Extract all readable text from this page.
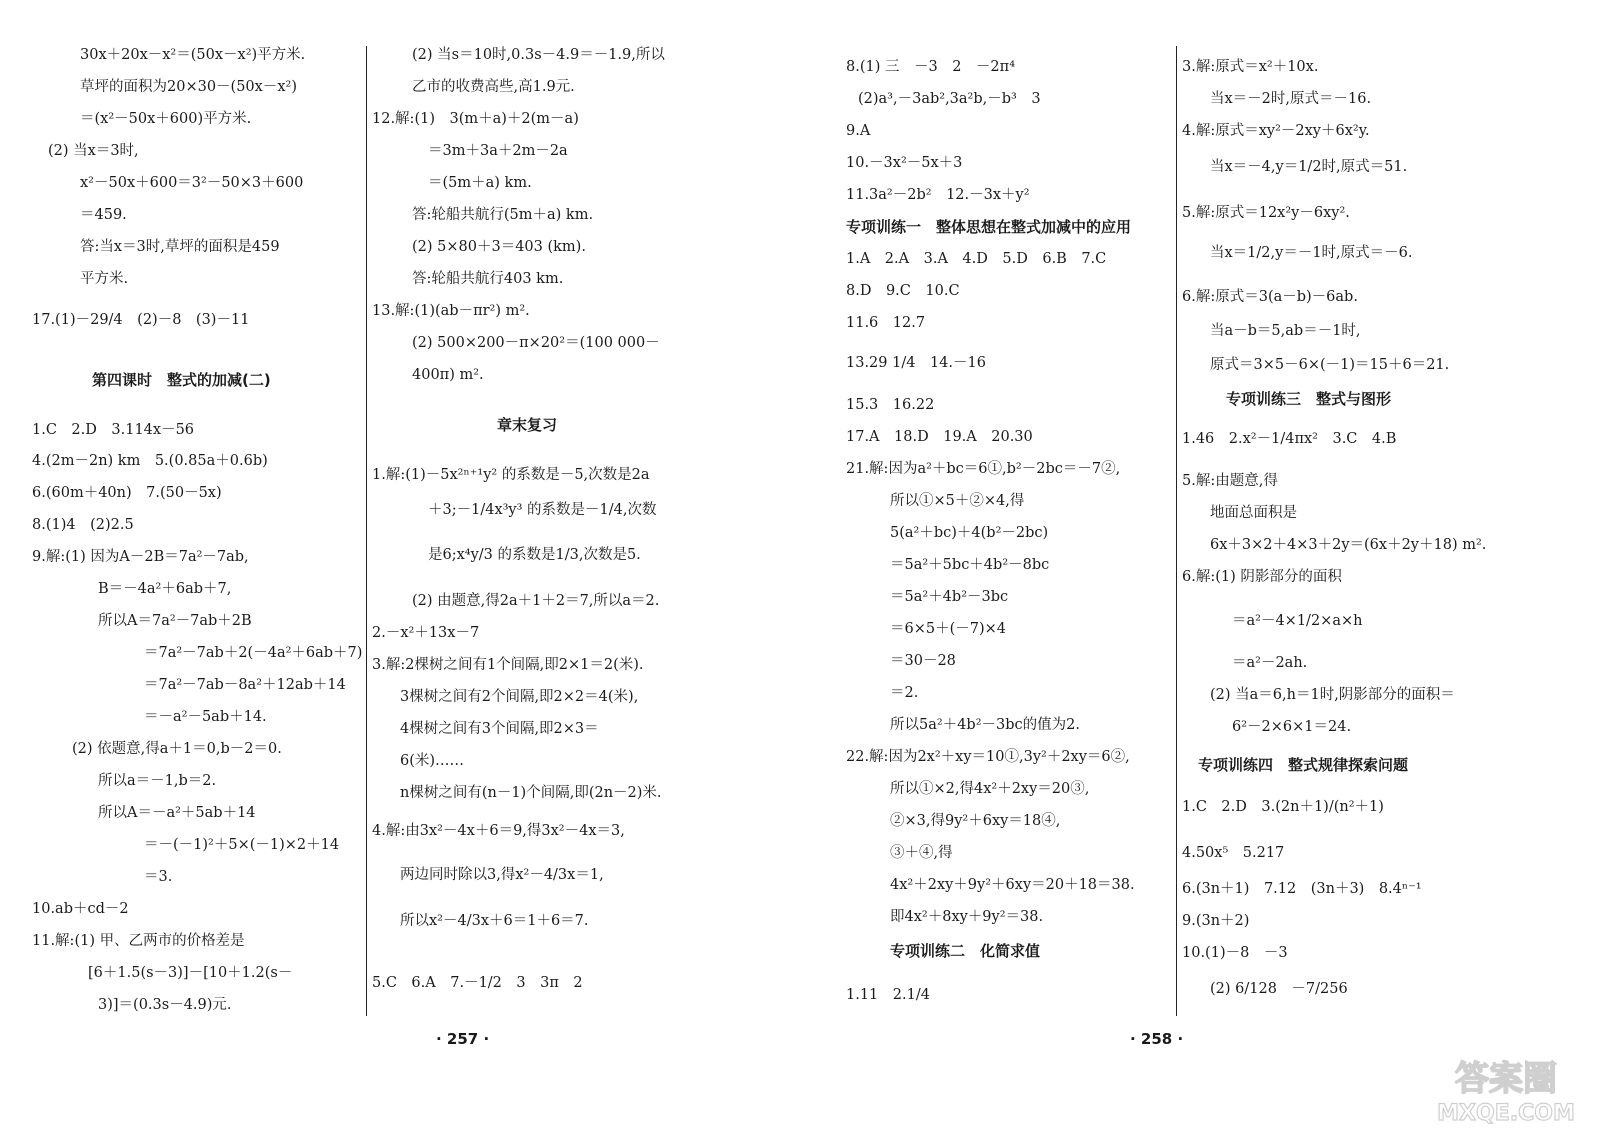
30x＋20x－x²＝(50x－x²)平方米.
草坪的面积为20×30－(50x－x²)
＝(x²－50x＋600)平方米.
(2) 当x＝3时,
x²－50x＋600＝3²－50×3＋600
＝459.
答:当x＝3时,草坪的面积是459
平方米.
17.(1)－29/4　(2)－8　(3)－11
第四课时　整式的加减(二)
1.C　2.D　3.114x－56
4.(2m－2n) km　5.(0.85a＋0.6b)
6.(60m＋40n)　7.(50－5x)
8.(1)4　(2)2.5
9.解:(1) 因为A－2B＝7a²－7ab,
B＝－4a²＋6ab＋7,
所以A＝7a²－7ab＋2B
＝7a²－7ab＋2(－4a²＋6ab＋7)
＝7a²－7ab－8a²＋12ab＋14
＝－a²－5ab＋14.
(2) 依题意,得a＋1＝0,b－2＝0.
所以a＝－1,b＝2.
所以A＝－a²＋5ab＋14
＝－(－1)²＋5×(－1)×2＋14
＝3.
10.ab＋cd－2
11.解:(1) 甲、乙两市的价格差是
[6＋1.5(s－3)]－[10＋1.2(s－
3)]＝(0.3s－4.9)元.
(2) 当s＝10时,0.3s－4.9＝－1.9,所以
乙市的收费高些,高1.9元.
12.解:(1)　3(m＋a)＋2(m－a)
＝3m＋3a＋2m－2a
＝(5m＋a) km.
答:轮船共航行(5m＋a) km.
(2) 5×80＋3＝403 (km).
答:轮船共航行403 km.
13.解:(1)(ab－πr²) m².
(2) 500×200－π×20²＝(100 000－
400π) m².
章末复习
1.解:(1)－5x²ⁿ⁺¹y² 的系数是－5,次数是2a
＋3;－1/4x³y³ 的系数是－1/4,次数
是6;x⁴y/3 的系数是1/3,次数是5.
(2) 由题意,得2a＋1＋2＝7,所以a＝2.
2.－x²＋13x－7
3.解:2棵树之间有1个间隔,即2×1＝2(米).
3棵树之间有2个间隔,即2×2＝4(米),
4棵树之间有3个间隔,即2×3＝
6(米)……
n棵树之间有(n－1)个间隔,即(2n－2)米.
4.解:由3x²－4x＋6＝9,得3x²－4x＝3,
两边同时除以3,得x²－4/3x＝1,
所以x²－4/3x＋6＝1＋6＝7.
5.C　6.A　7.－1/2　3　3π　2
· 257 ·
8.(1) 三　－3　2　－2π⁴
(2)a³,－3ab²,3a²b,－b³　3
9.A
10.－3x²－5x＋3
11.3a²－2b²　12.－3x＋y²
专项训练一　整体思想在整式加减中的应用
1.A　2.A　3.A　4.D　5.D　6.B　7.C
8.D　9.C　10.C
11.6　12.7
13.29 1/4　14.－16
15.3　16.22
17.A　18.D　19.A　20.30
21.解:因为a²＋bc＝6①,b²－2bc＝－7②,
所以①×5＋②×4,得
5(a²＋bc)＋4(b²－2bc)
＝5a²＋5bc＋4b²－8bc
＝5a²＋4b²－3bc
＝6×5＋(－7)×4
＝30－28
＝2.
所以5a²＋4b²－3bc的值为2.
22.解:因为2x²＋xy＝10①,3y²＋2xy＝6②,
所以①×2,得4x²＋2xy＝20③,
②×3,得9y²＋6xy＝18④,
③＋④,得
4x²＋2xy＋9y²＋6xy＝20＋18＝38.
即4x²＋8xy＋9y²＝38.
专项训练二　化简求值
1.11　2.1/4
3.解:原式＝x²＋10x.
当x＝－2时,原式＝－16.
4.解:原式＝xy²－2xy＋6x²y.
当x＝－4,y＝1/2时,原式＝51.
5.解:原式＝12x²y－6xy².
当x＝1/2,y＝－1时,原式＝－6.
6.解:原式＝3(a－b)－6ab.
当a－b＝5,ab＝－1时,
原式＝3×5－6×(－1)＝15＋6＝21.
专项训练三　整式与图形
1.46　2.x²－1/4πx²　3.C　4.B
5.解:由题意,得
地面总面积是
6x＋3×2＋4×3＋2y＝(6x＋2y＋18) m².
6.解:(1) 阴影部分的面积
＝a²－4×1/2×a×h
＝a²－2ah.
(2) 当a＝6,h＝1时,阴影部分的面积＝
6²－2×6×1＝24.
专项训练四　整式规律探索问题
1.C　2.D　3.(2n＋1)/(n²＋1)
4.50x⁵　5.217
6.(3n＋1)　7.12　(3n＋3)　8.4ⁿ⁻¹
9.(3n＋2)
10.(1)－8　－3
(2) 6/128　－7/256
· 258 ·
答案圈
MXQE.COM
